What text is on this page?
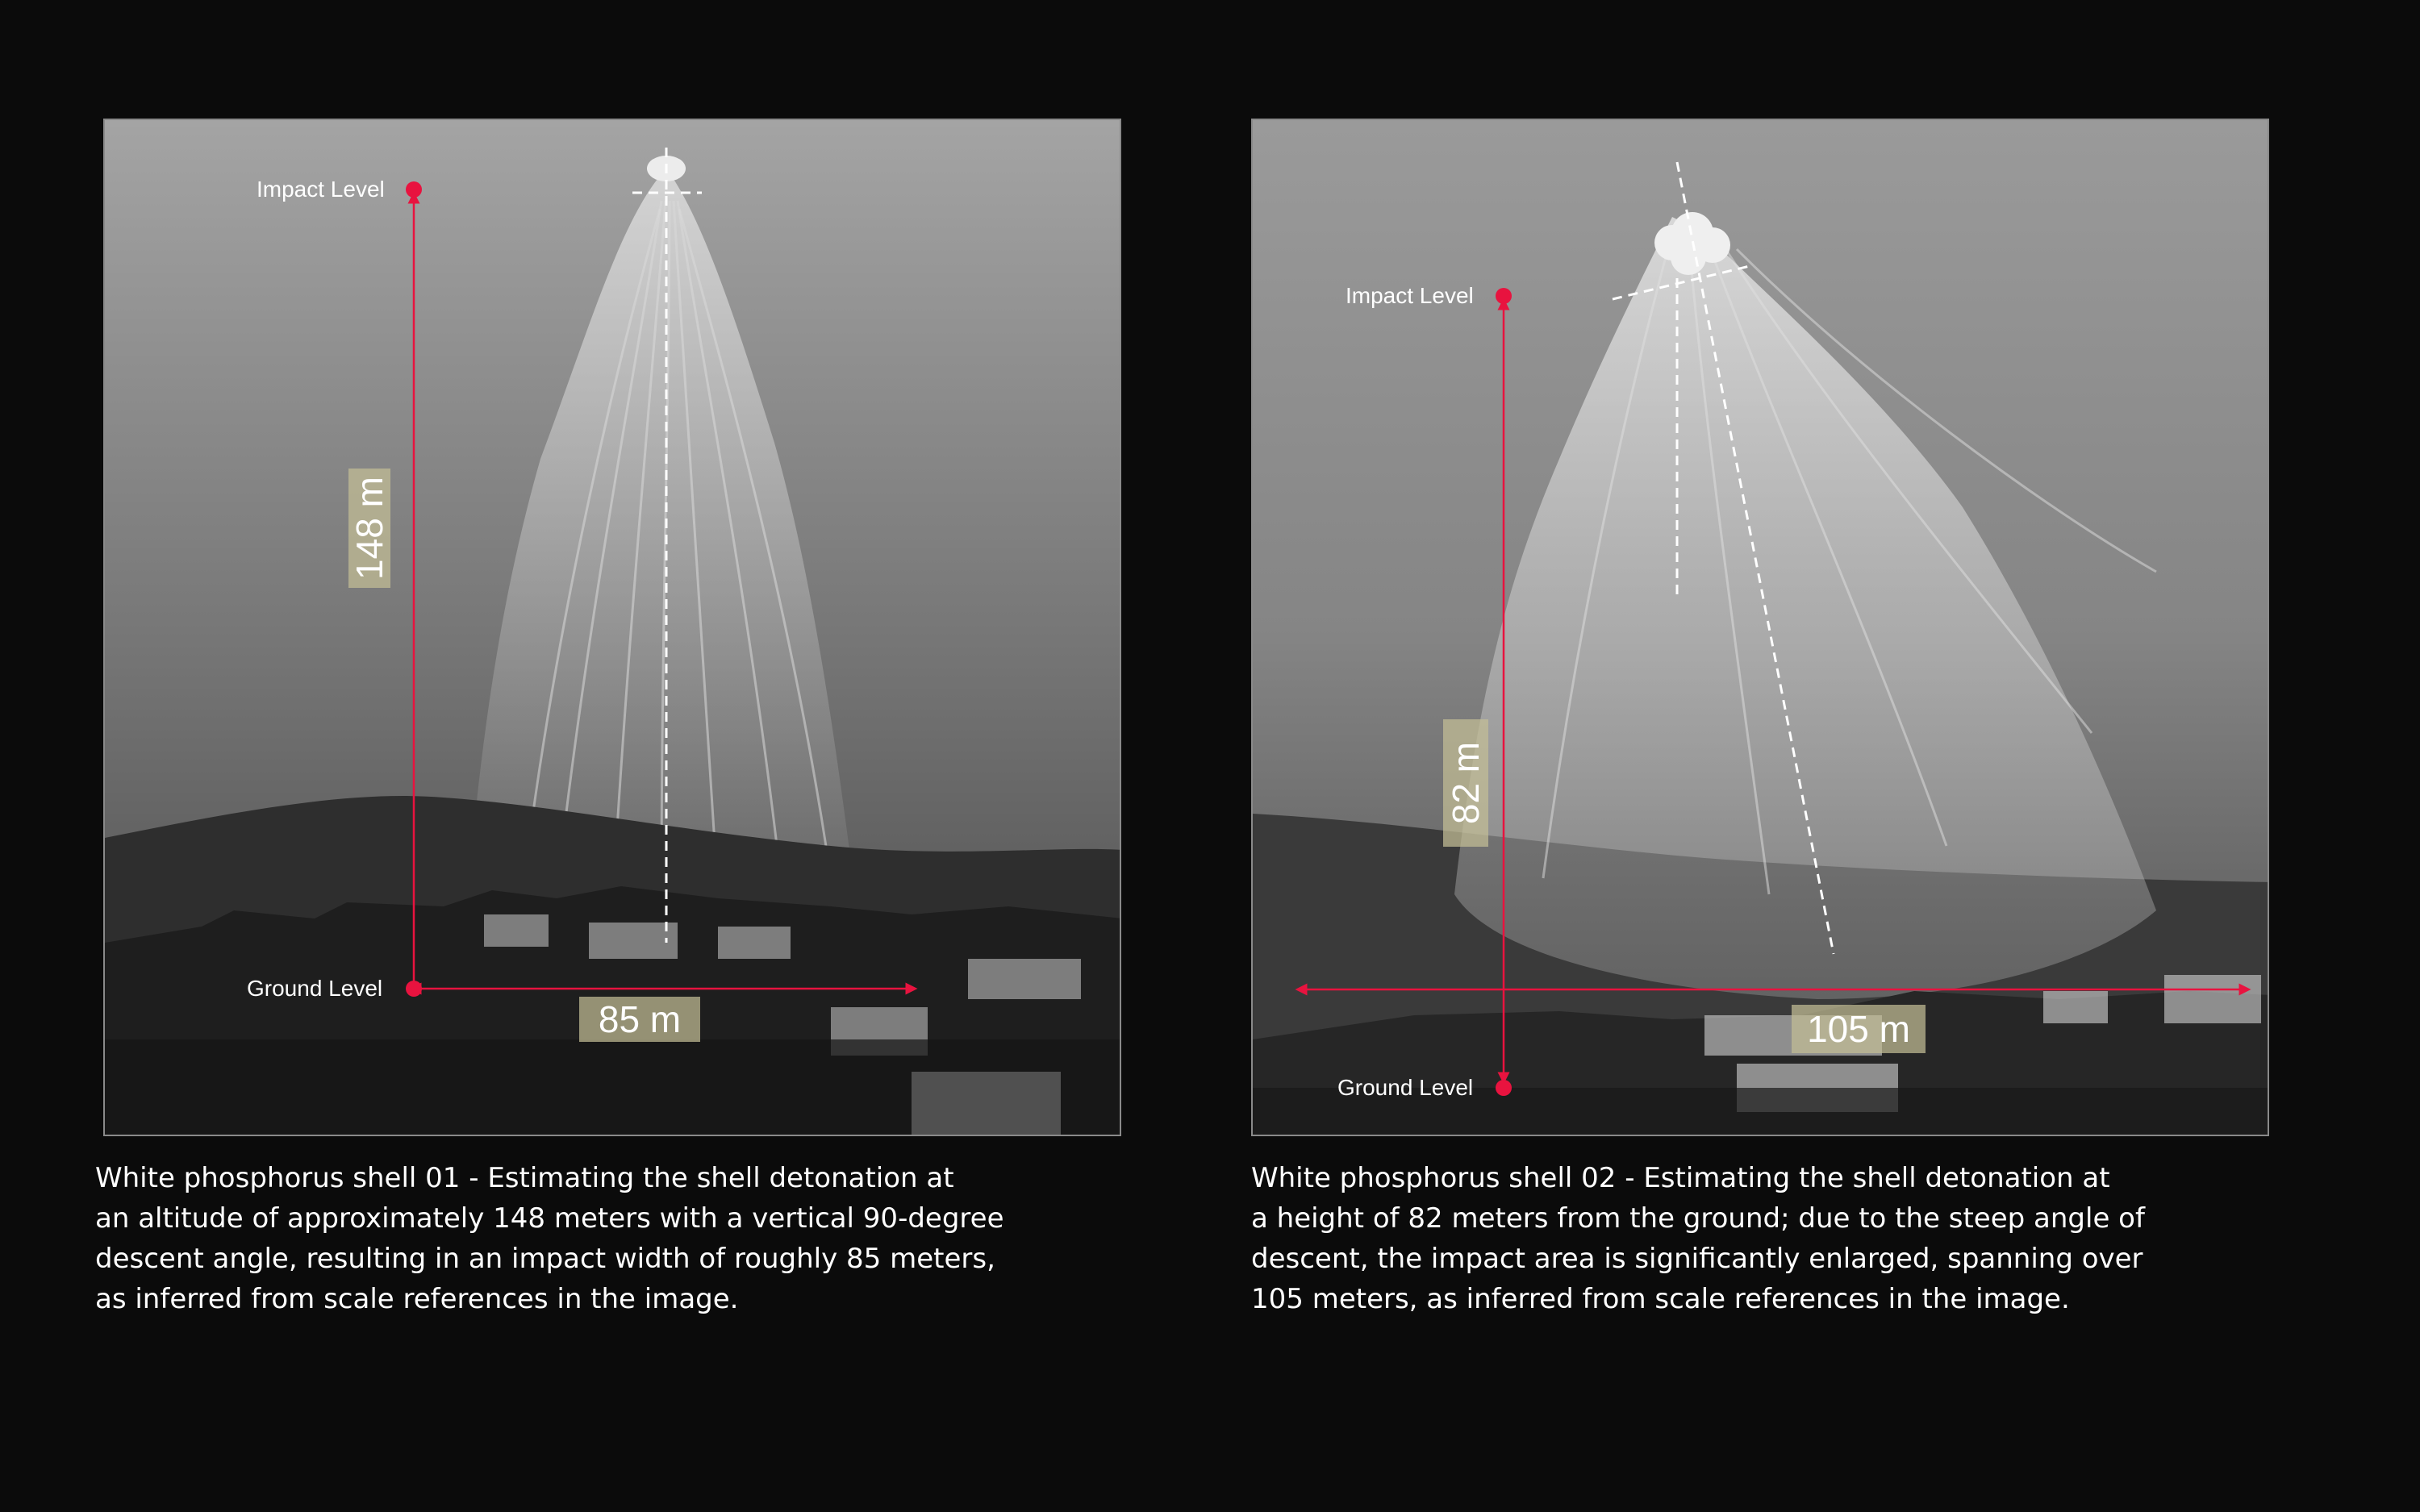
Impact Level
Ground Level
148 m
85 m
Impact Level
Ground Level
82 m
105 m
White phosphorus shell 01 - Estimating the shell detonation at
an altitude of approximately 148 meters with a vertical 90-degree
descent angle, resulting in an impact width of roughly 85 meters,
as inferred from scale references in the image.
White phosphorus shell 02 - Estimating the shell detonation at
a height of 82 meters from the ground; due to the steep angle of
descent, the impact area is significantly enlarged, spanning over
105 meters, as inferred from scale references in the image.
